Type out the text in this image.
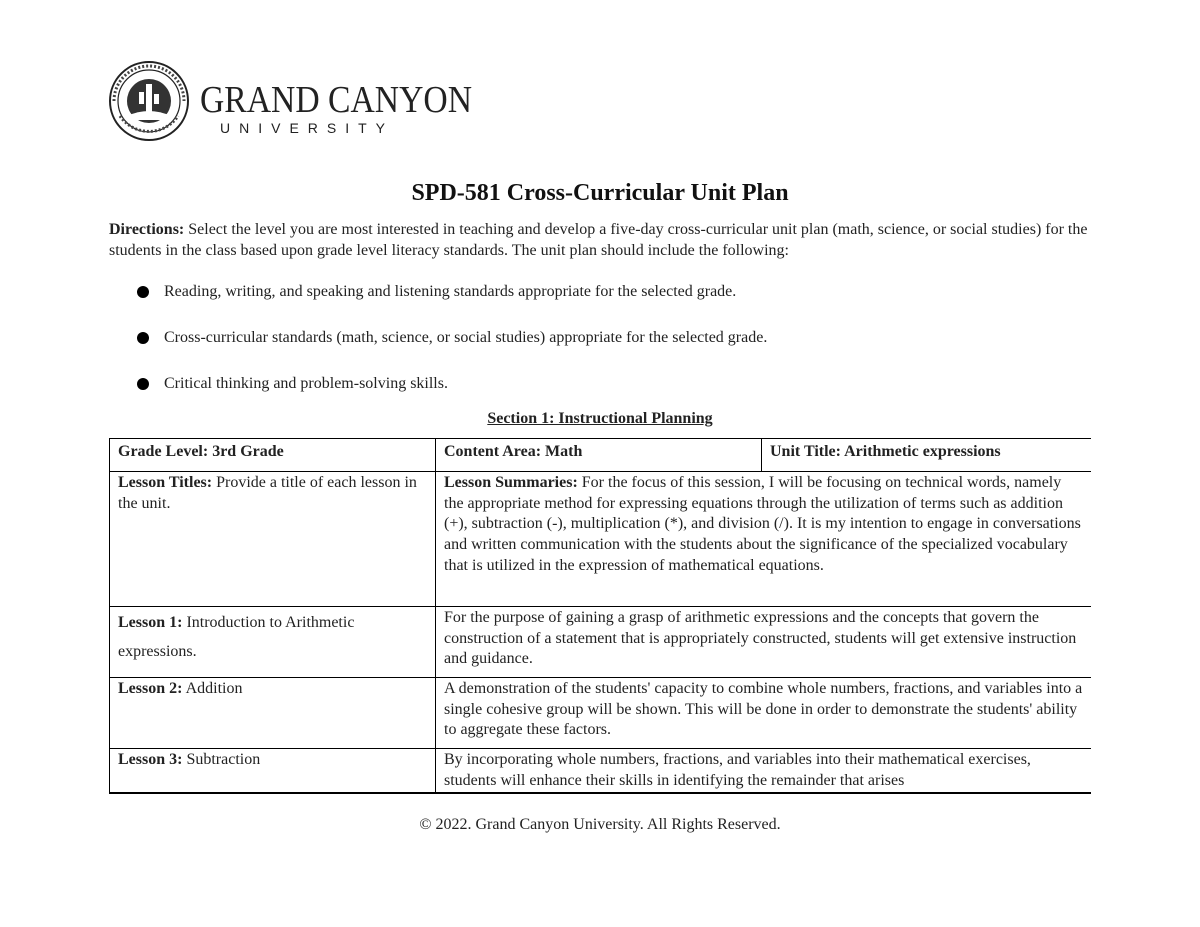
GRAND CANYON
UNIVERSITY
SPD-581 Cross-Curricular Unit Plan
Directions: Select the level you are most interested in teaching and develop a five-day cross-curricular unit plan (math, science, or social studies) for the students in the class based upon grade level literacy standards. The unit plan should include the following:
Reading, writing, and speaking and listening standards appropriate for the selected grade.
Cross-curricular standards (math, science, or social studies) appropriate for the selected grade.
Critical thinking and problem-solving skills.
Section 1: Instructional Planning
Grade Level: 3rd Grade	Content Area: Math	Unit Title: Arithmetic expressions
Lesson Titles: Provide a title of each lesson in the unit.	Lesson Summaries: For the focus of this session, I will be focusing on technical words, namely the appropriate method for expressing equations through the utilization of terms such as addition (+), subtraction (-), multiplication (*), and division (/). It is my intention to engage in conversations and written communication with the students about the significance of the specialized vocabulary that is utilized in the expression of mathematical equations.	
Lesson 1: Introduction to Arithmetic expressions.	For the purpose of gaining a grasp of arithmetic expressions and the concepts that govern the construction of a statement that is appropriately constructed, students will get extensive instruction and guidance.	
Lesson 2: Addition	A demonstration of the students' capacity to combine whole numbers, fractions, and variables into a single cohesive group will be shown. This will be done in order to demonstrate the students' ability to aggregate these factors.	
Lesson 3: Subtraction	By incorporating whole numbers, fractions, and variables into their mathematical exercises, students will enhance their skills in identifying the remainder that arises	
© 2022. Grand Canyon University. All Rights Reserved.
